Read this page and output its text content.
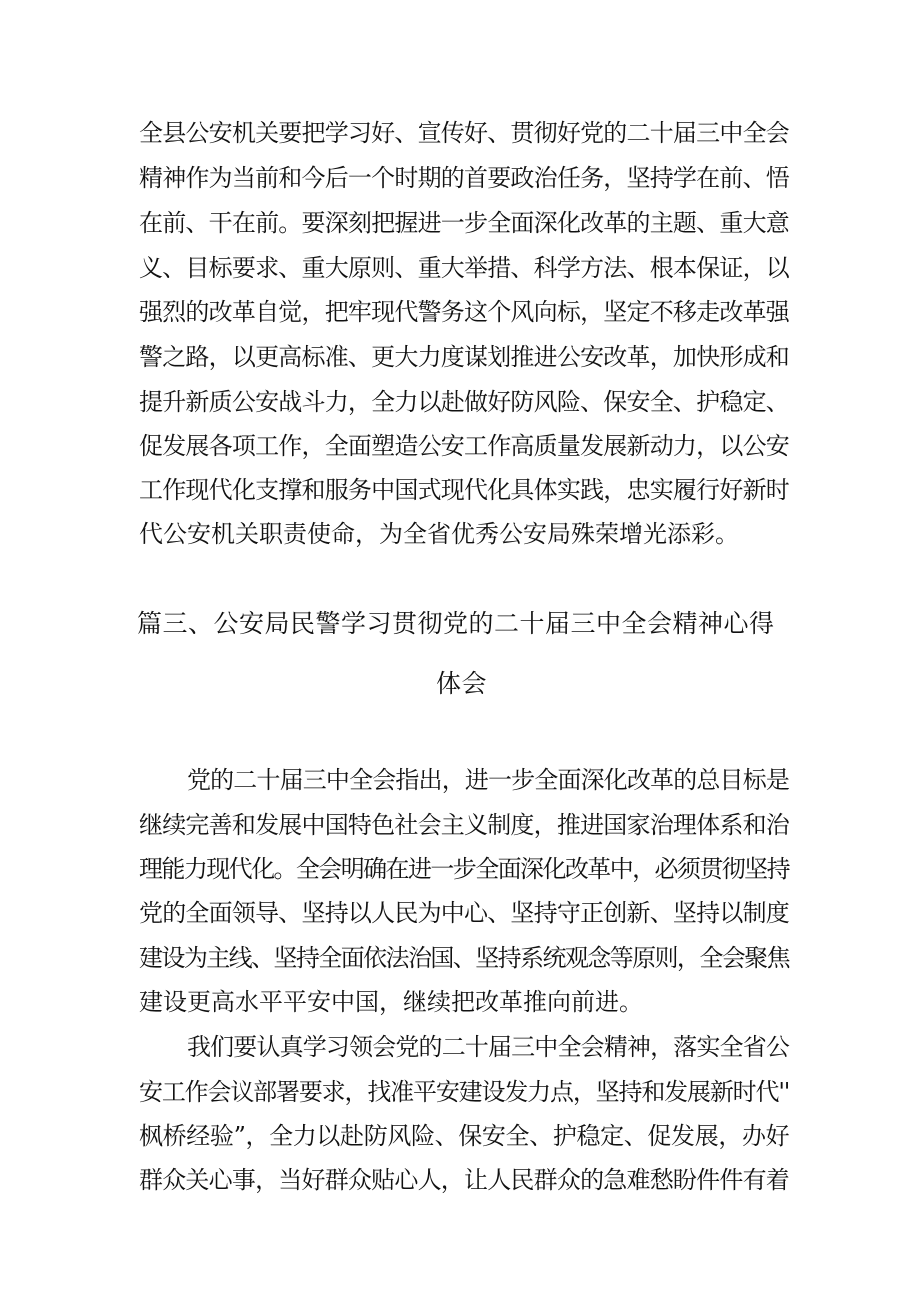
全县公安机关要把学习好、宣传好、贯彻好党的二十届三中全会
精神作为当前和今后一个时期的首要政治任务，坚持学在前、悟
在前、干在前。要深刻把握进一步全面深化改革的主题、重大意
义、目标要求、重大原则、重大举措、科学方法、根本保证，以
强烈的改革自觉，把牢现代警务这个风向标，坚定不移走改革强
警之路，以更高标准、更大力度谋划推进公安改革，加快形成和
提升新质公安战斗力，全力以赴做好防风险、保安全、护稳定、
促发展各项工作，全面塑造公安工作高质量发展新动力，以公安
工作现代化支撑和服务中国式现代化具体实践，忠实履行好新时
代公安机关职责使命，为全省优秀公安局殊荣增光添彩。
篇三、公安局民警学习贯彻党的二十届三中全会精神心得
体会
党的二十届三中全会指出，进一步全面深化改革的总目标是
继续完善和发展中国特色社会主义制度，推进国家治理体系和治
理能力现代化。全会明确在进一步全面深化改革中，必须贯彻坚持
党的全面领导、坚持以人民为中心、坚持守正创新、坚持以制度
建设为主线、坚持全面依法治国、坚持系统观念等原则，全会聚焦
建设更高水平平安中国，继续把改革推向前进。
我们要认真学习领会党的二十届三中全会精神，落实全省公
安工作会议部署要求，找准平安建设发力点，坚持和发展新时代''
枫桥经验”，全力以赴防风险、保安全、护稳定、促发展，办好
群众关心事，当好群众贴心人，让人民群众的急难愁盼件件有着
